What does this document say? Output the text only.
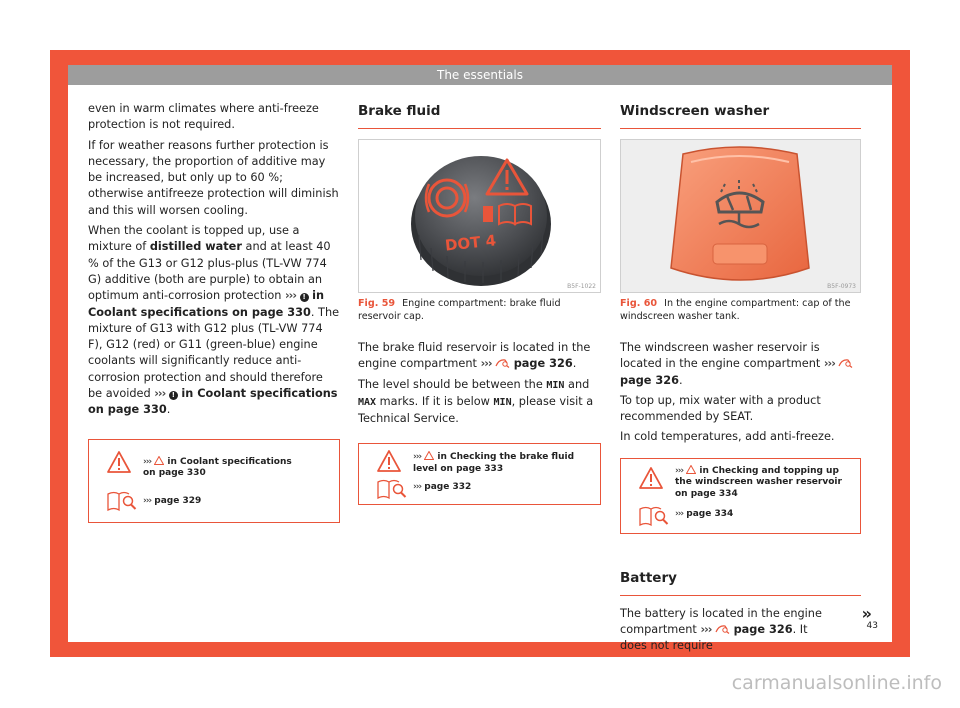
The essentials

even in warm climates where anti-freeze protection is not required.

If for weather reasons further protection is necessary, the proportion of additive may be increased, but only up to 60 %; otherwise antifreeze protection will diminish and this will worsen cooling.

When the coolant is topped up, use a mixture of distilled water and at least 40 % of the G13 or G12 plus-plus (TL-VW 774 G) additive (both are purple) to obtain an optimum anti-corrosion protection ››› ! in Coolant specifications on page 330. The mixture of G13 with G12 plus (TL-VW 774 F), G12 (red) or G11 (green-blue) engine coolants will significantly reduce anti-corrosion protection and should therefore be avoided ››› ! in Coolant specifications on page 330.

››› in Coolant specifications on page 330
››› page 329
Brake fluid
DOT 4
B5F-1022
Fig. 59 Engine compartment: brake fluid reservoir cap.

The brake fluid reservoir is located in the engine compartment ››› page 326.

The level should be between the MIN and MAX marks. If it is below MIN, please visit a Technical Service.

››› in Checking the brake fluid level on page 333
››› page 332
Windscreen washer
B5F-0973
Fig. 60 In the engine compartment: cap of the windscreen washer tank.

The windscreen washer reservoir is located in the engine compartment ›››  page 326.

To top up, mix water with a product recommended by SEAT.

In cold temperatures, add anti-freeze.

››› in Checking and topping up the windscreen washer reservoir on page 334
››› page 334
Battery

The battery is located in the engine compartment ››› page 326. It does not require

»
43
carmanualsonline.info
